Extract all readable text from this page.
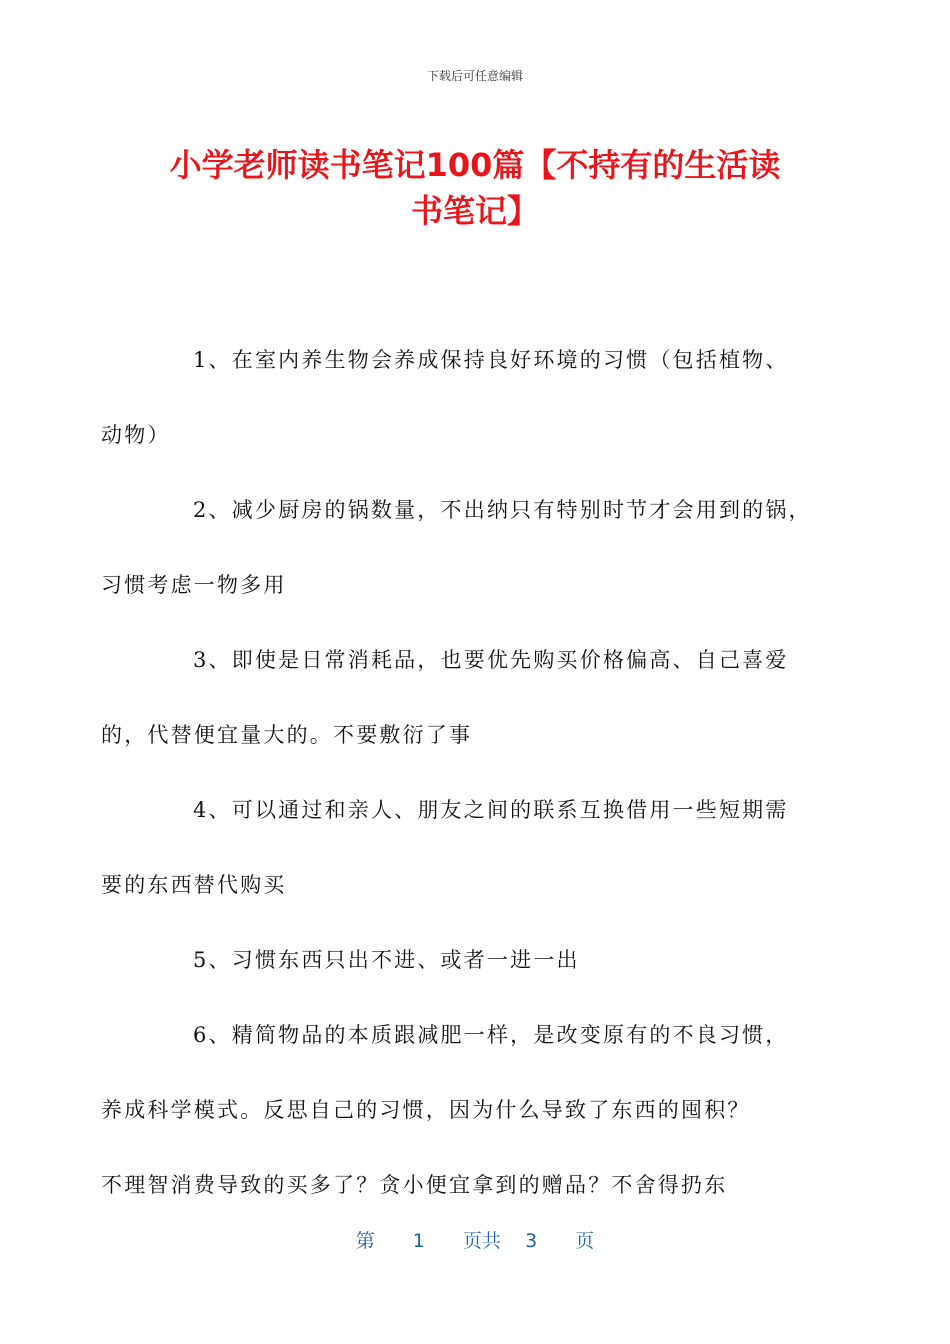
下载后可任意编辑
小学老师读书笔记100篇【不持有的生活读
书笔记】

1、在室内养生物会养成保持良好环境的习惯（包括植物、
动物）

2、减少厨房的锅数量，不出纳只有特别时节才会用到的锅，
习惯考虑一物多用

3、即使是日常消耗品，也要优先购买价格偏高、自己喜爱
的，代替便宜量大的。不要敷衍了事

4、可以通过和亲人、朋友之间的联系互换借用一些短期需
要的东西替代购买

5、习惯东西只出不进、或者一进一出

6、精简物品的本质跟减肥一样，是改变原有的不良习惯，
养成科学模式。反思自己的习惯，因为什么导致了东西的囤积？
不理智消费导致的买多了？贪小便宜拿到的赠品？不舍得扔东

第 1 页共 3 页
